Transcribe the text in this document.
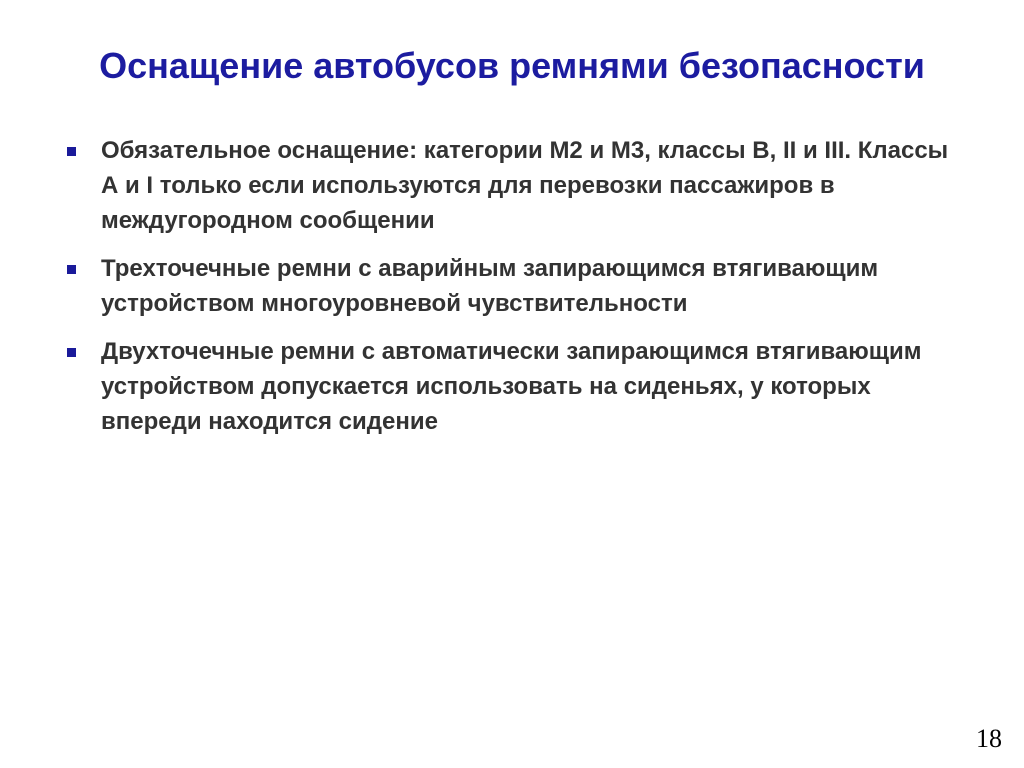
Оснащение автобусов ремнями безопасности
Обязательное оснащение: категории М2 и М3, классы B, II и III. Классы А и I только если используются для перевозки пассажиров в междугородном сообщении
Трехточечные ремни с аварийным запирающимся втягивающим устройством многоуровневой чувствительности
Двухточечные ремни с автоматически запирающимся втягивающим устройством допускается использовать на сиденьях, у которых впереди находится сидение
18
